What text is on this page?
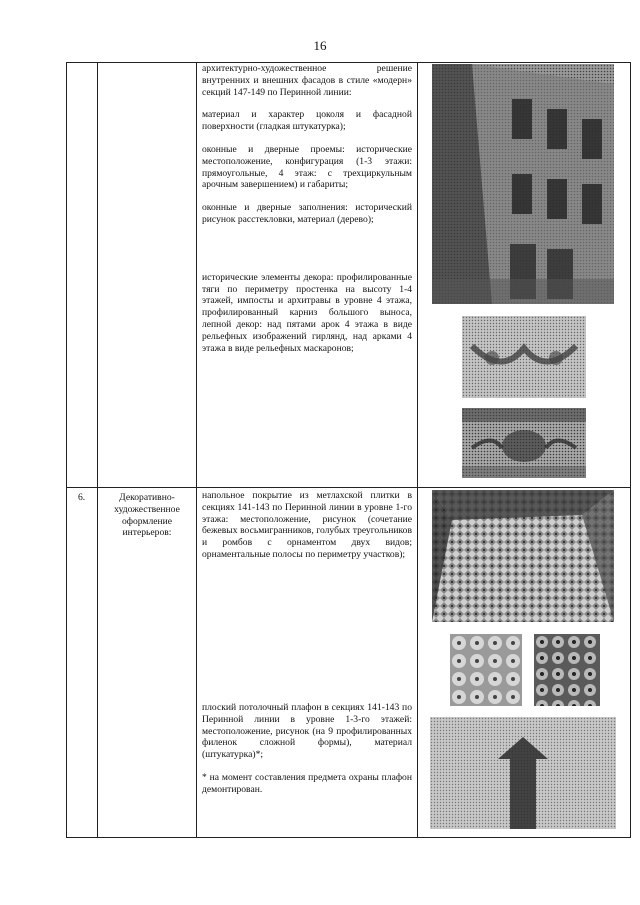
16

архитектурно-художественное решение внутренних и внешних фасадов в стиле «модерн» секций 147-149 по Перинной линии:

материал и характер цоколя и фасадной поверхности (гладкая штукатурка);

оконные и дверные проемы: исторические местоположение, конфигурация (1-3 этажи: прямоугольные, 4 этаж: с трехциркульным арочным завершением) и габариты;

оконные и дверные заполнения: исторический рисунок расстекловки, материал (дерево);

исторические элементы декора: профилированные тяги по периметру простенка на высоту 1-4 этажей, импосты и архитравы в уровне 4 этажа, профилированный карниз большого выноса, лепной декор: над пятами арок 4 этажа в виде рельефных изображений гирлянд, над арками 4 этажа в виде рельефных маскаронов;

6.	Декоративно-художественное оформление интерьеров:

напольное покрытие из метлахской плитки в секциях 141-143 по Перинной линии в уровне 1-го этажа: местоположение, рисунок (сочетание бежевых восьмигранников, голубых треугольников и ромбов с орнаментом двух видов; орнаментальные полосы по периметру участков);

плоский потолочный плафон в секциях 141-143 по Перинной линии в уровне 1-3-го этажей: местоположение, рисунок (на 9 профилированных филенок сложной формы), материал (штукатурка)*;

* на момент составления предмета охраны плафон демонтирован.
